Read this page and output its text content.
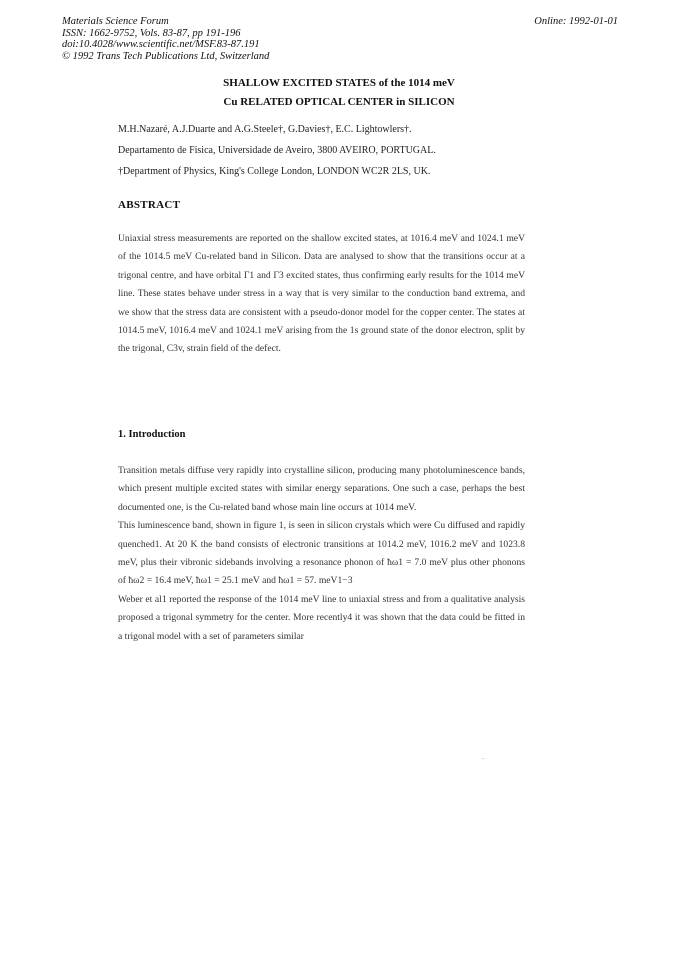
Materials Science Forum
ISSN: 1662-9752, Vols. 83-87, pp 191-196
doi:10.4028/www.scientific.net/MSF.83-87.191
© 1992 Trans Tech Publications Ltd, Switzerland
Online: 1992-01-01
SHALLOW EXCITED STATES of the 1014 meV
Cu RELATED OPTICAL CENTER in SILICON
M.H.Nazaré, A.J.Duarte and A.G.Steele†, G.Davies†, E.C. Lightowlers†.
Departamento de Física, Universidade de Aveiro, 3800 AVEIRO, PORTUGAL.
†Department of Physics, King's College London, LONDON WC2R 2LS, UK.
ABSTRACT
Uniaxial stress measurements are reported on the shallow excited states, at 1016.4 meV and 1024.1 meV of the 1014.5 meV Cu-related band in Silicon. Data are analysed to show that the transitions occur at a trigonal centre, and have orbital Γ1 and Γ3 excited states, thus confirming early results for the 1014 meV line. These states behave under stress in a way that is very similar to the conduction band extrema, and we show that the stress data are consistent with a pseudo-donor model for the copper center. The states at 1014.5 meV, 1016.4 meV and 1024.1 meV arising from the 1s ground state of the donor electron, split by the trigonal, C3v, strain field of the defect.
1. Introduction

Transition metals diffuse very rapidly into crystalline silicon, producing many photoluminescence bands, which present multiple excited states with similar energy separations. One such a case, perhaps the best documented one, is the Cu-related band whose main line occurs at 1014 meV.

This luminescence band, shown in figure 1, is seen in silicon crystals which were Cu diffused and rapidly quenched1. At 20 K the band consists of electronic transitions at 1014.2 meV, 1016.2 meV and 1023.8 meV, plus their vibronic sidebands involving a resonance phonon of ħω1 = 7.0 meV plus other phonons of ħω2 = 16.4 meV, ħω1 = 25.1 meV and ħω1 = 57. meV1−3

Weber et al1 reported the response of the 1014 meV line to uniaxial stress and from a qualitative analysis proposed a trigonal symmetry for the center. More recently4 it was shown that the data could be fitted in a trigonal model with a set of parameters similar
